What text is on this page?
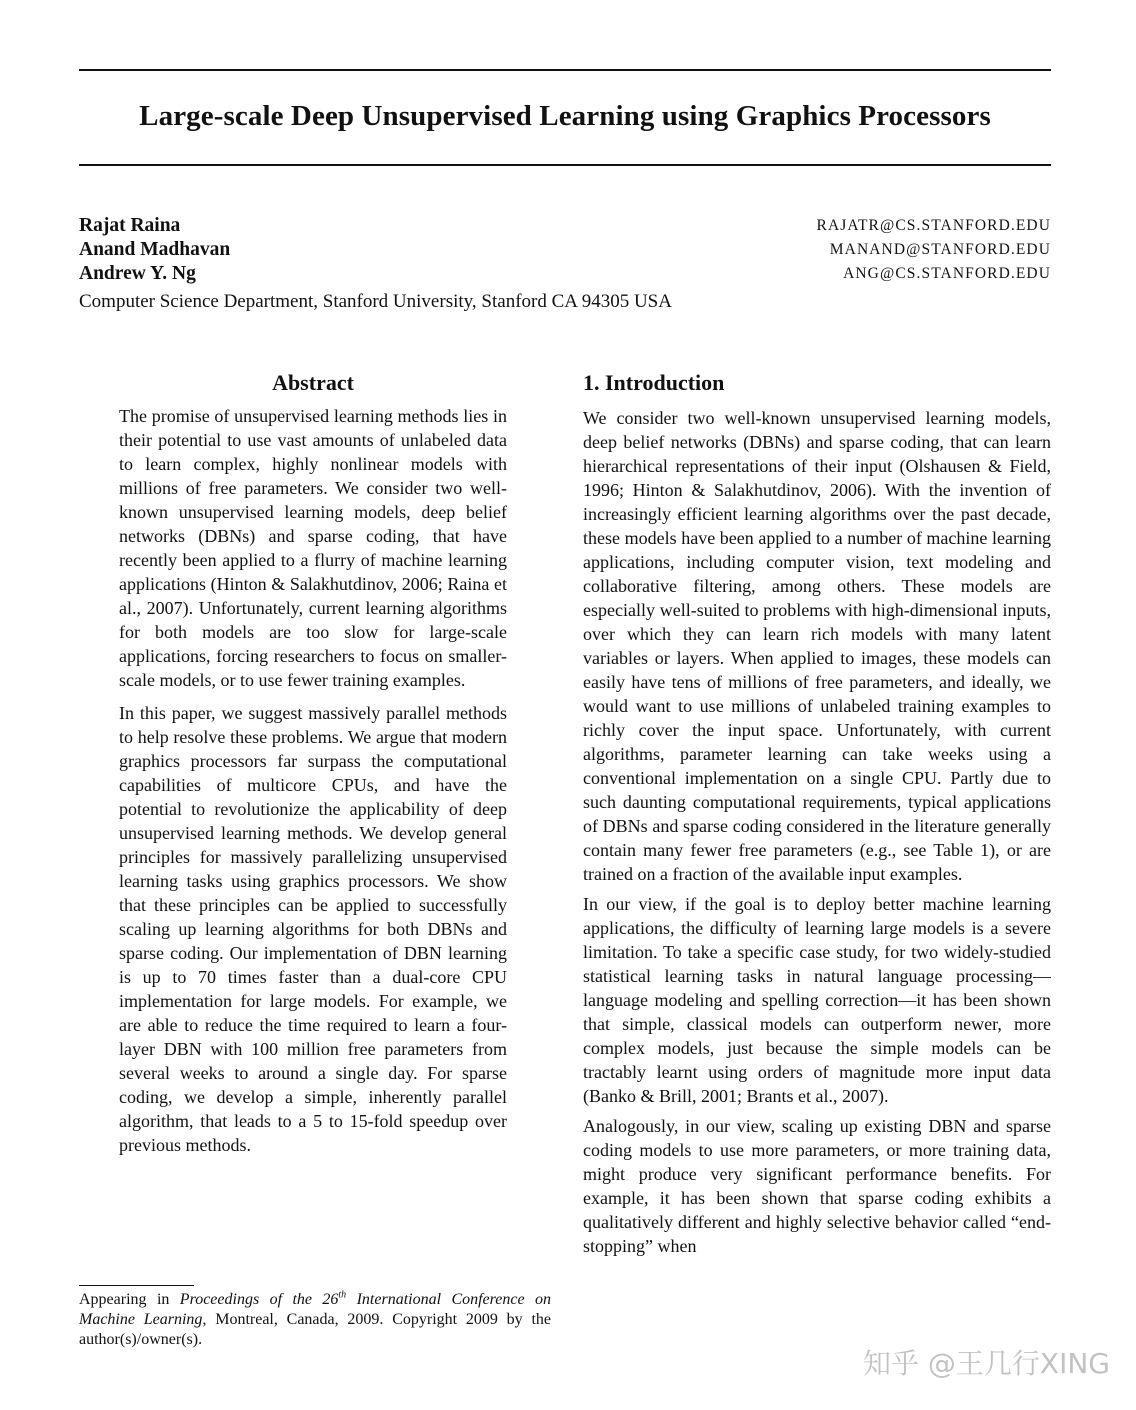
Large-scale Deep Unsupervised Learning using Graphics Processors
Rajat Raina	RAJATR@CS.STANFORD.EDU
Anand Madhavan	MANAND@STANFORD.EDU
Andrew Y. Ng	ANG@CS.STANFORD.EDU
Computer Science Department, Stanford University, Stanford CA 94305 USA
Abstract

The promise of unsupervised learning methods lies in their potential to use vast amounts of unlabeled data to learn complex, highly nonlinear models with millions of free parameters. We consider two well-known unsupervised learning models, deep belief networks (DBNs) and sparse coding, that have recently been applied to a flurry of machine learning applications (Hinton & Salakhutdinov, 2006; Raina et al., 2007). Unfortunately, current learning algorithms for both models are too slow for large-scale applications, forcing researchers to focus on smaller-scale models, or to use fewer training examples.

In this paper, we suggest massively parallel methods to help resolve these problems. We argue that modern graphics processors far surpass the computational capabilities of multicore CPUs, and have the potential to revolutionize the applicability of deep unsupervised learning methods. We develop general principles for massively parallelizing unsupervised learning tasks using graphics processors. We show that these principles can be applied to successfully scaling up learning algorithms for both DBNs and sparse coding. Our implementation of DBN learning is up to 70 times faster than a dual-core CPU implementation for large models. For example, we are able to reduce the time required to learn a four-layer DBN with 100 million free parameters from several weeks to around a single day. For sparse coding, we develop a simple, inherently parallel algorithm, that leads to a 5 to 15-fold speedup over previous methods.

1. Introduction

We consider two well-known unsupervised learning models, deep belief networks (DBNs) and sparse coding, that can learn hierarchical representations of their input (Olshausen & Field, 1996; Hinton & Salakhutdinov, 2006). With the invention of increasingly efficient learning algorithms over the past decade, these models have been applied to a number of machine learning applications, including computer vision, text modeling and collaborative filtering, among others. These models are especially well-suited to problems with high-dimensional inputs, over which they can learn rich models with many latent variables or layers. When applied to images, these models can easily have tens of millions of free parameters, and ideally, we would want to use millions of unlabeled training examples to richly cover the input space. Unfortunately, with current algorithms, parameter learning can take weeks using a conventional implementation on a single CPU. Partly due to such daunting computational requirements, typical applications of DBNs and sparse coding considered in the literature generally contain many fewer free parameters (e.g., see Table 1), or are trained on a fraction of the available input examples.

In our view, if the goal is to deploy better machine learning applications, the difficulty of learning large models is a severe limitation. To take a specific case study, for two widely-studied statistical learning tasks in natural language processing—language modeling and spelling correction—it has been shown that simple, classical models can outperform newer, more complex models, just because the simple models can be tractably learnt using orders of magnitude more input data (Banko & Brill, 2001; Brants et al., 2007).

Analogously, in our view, scaling up existing DBN and sparse coding models to use more parameters, or more training data, might produce very significant performance benefits. For example, it has been shown that sparse coding exhibits a qualitatively different and highly selective behavior called “end-stopping” when

Appearing in Proceedings of the 26th International Conference on Machine Learning, Montreal, Canada, 2009. Copyright 2009 by the author(s)/owner(s).
知乎 @王几行XING
